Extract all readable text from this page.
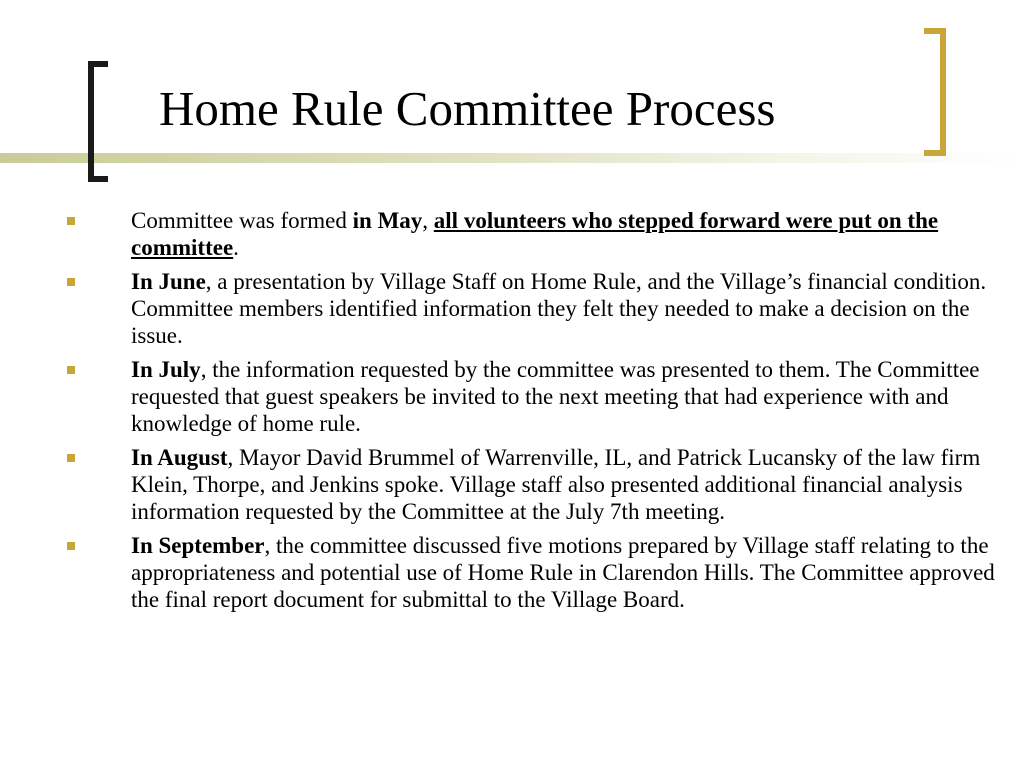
Home Rule Committee Process
Committee was formed in May, all volunteers who stepped forward were put on the committee.
In June, a presentation by Village Staff on Home Rule, and the Village’s financial condition. Committee members identified information they felt they needed to make a decision on the issue.
In July, the information requested by the committee was presented to them. The Committee requested that guest speakers be invited to the next meeting that had experience with and knowledge of home rule.
In August, Mayor David Brummel of Warrenville, IL, and Patrick Lucansky of the law firm Klein, Thorpe, and Jenkins spoke. Village staff also presented additional financial analysis information requested by the Committee at the July 7th meeting.
In September, the committee discussed five motions prepared by Village staff relating to the appropriateness and potential use of Home Rule in Clarendon Hills. The Committee approved the final report document for submittal to the Village Board.
